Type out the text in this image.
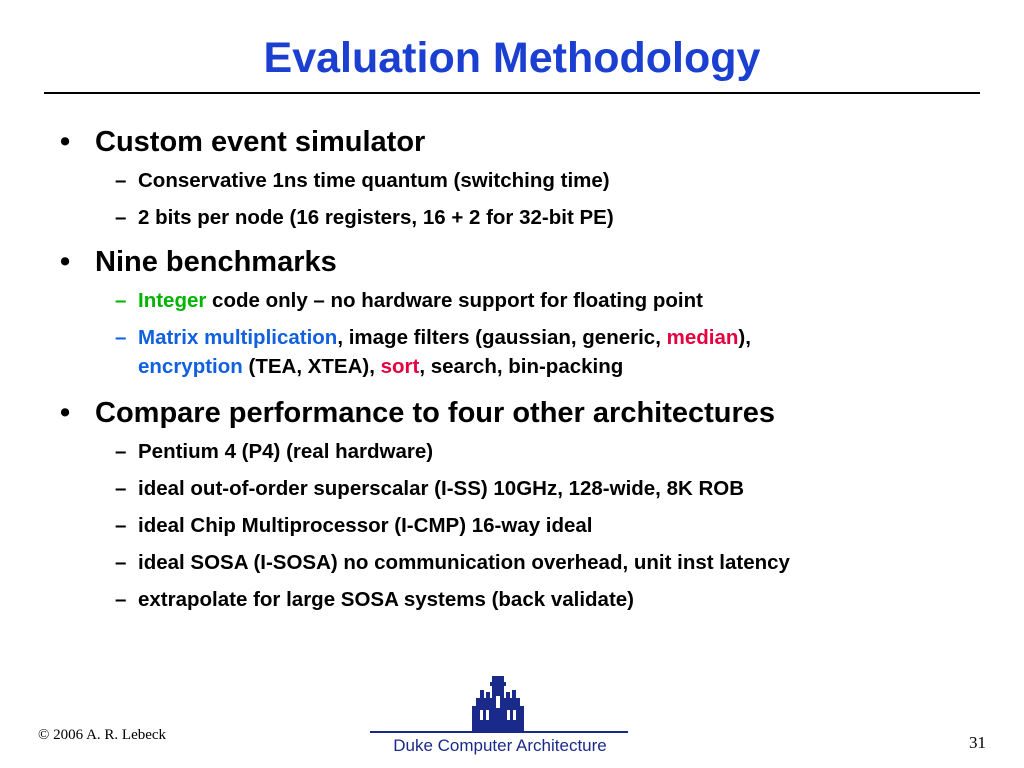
Evaluation Methodology
• Custom event simulator
– Conservative 1ns time quantum (switching time)
– 2 bits per node (16 registers, 16 + 2 for 32-bit PE)
• Nine benchmarks
– Integer code only – no hardware support for floating point
– Matrix multiplication, image filters (gaussian, generic, median),
encryption (TEA, XTEA), sort, search, bin-packing
• Compare performance to four other architectures
– Pentium 4 (P4) (real hardware)
– ideal out-of-order superscalar (I-SS) 10GHz, 128-wide, 8K ROB
– ideal Chip Multiprocessor (I-CMP) 16-way ideal
– ideal SOSA (I-SOSA) no communication overhead, unit inst latency
– extrapolate for large SOSA systems (back validate)
Duke Computer Architecture
© 2006 A. R. Lebeck	31
